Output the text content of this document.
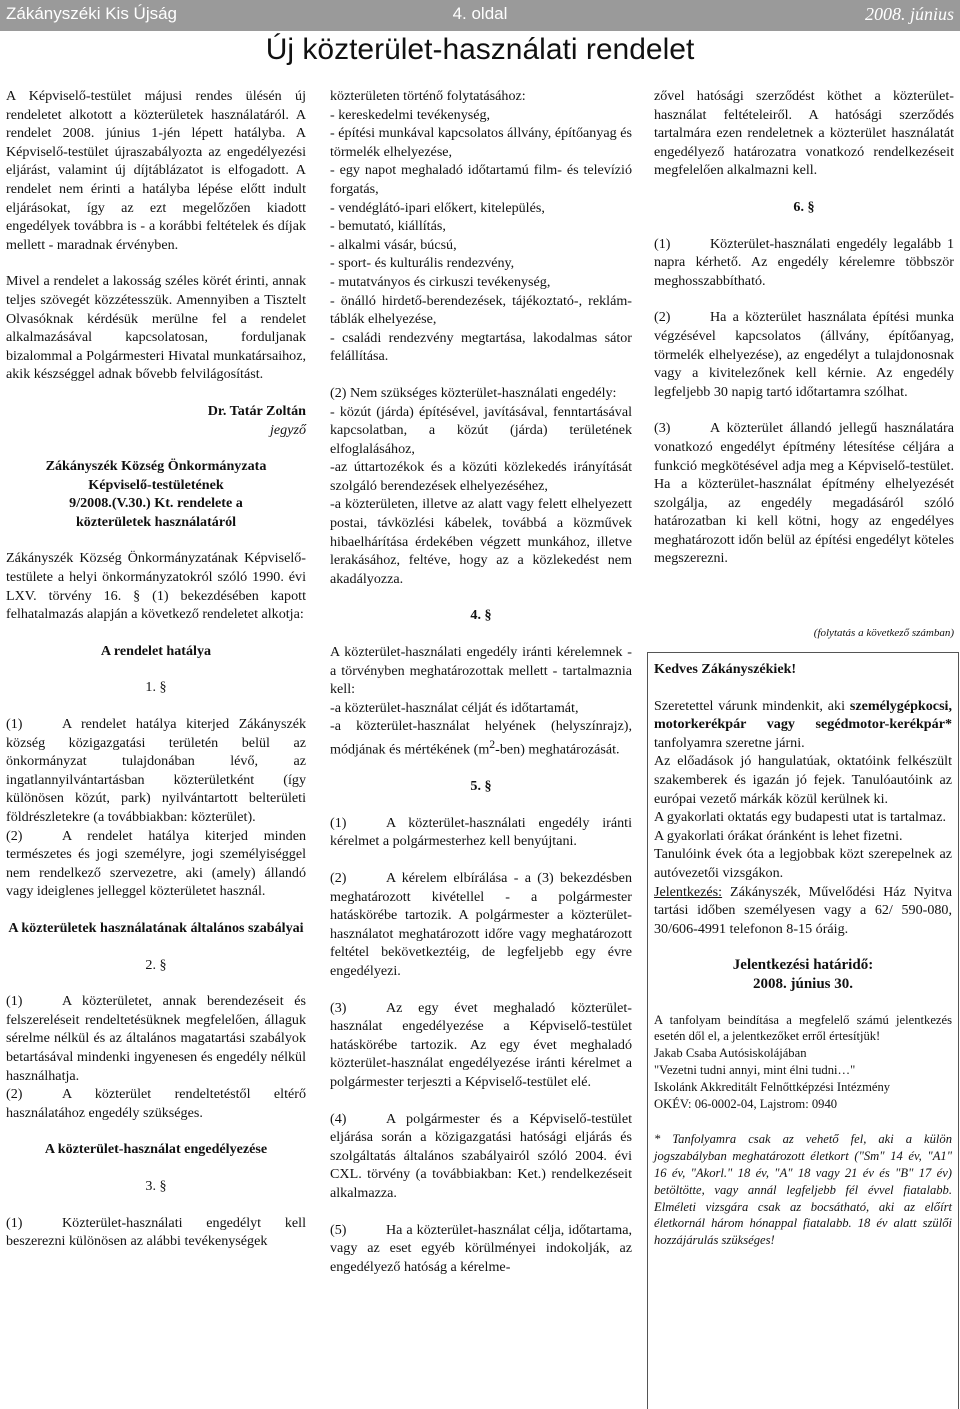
Zákányszéki Kis Újság	4. oldal	2008. június
Új közterület-használati rendelet

A Képviselő-testület májusi rendes ülésén új rendeletet alkotott a közterületek használatáról. A rendelet 2008. június 1-jén lépett hatályba. A Képviselő-testület újraszabályozta az engedélyezési eljárást, valamint új díjtáblázatot is elfogadott. A rendelet nem érinti a hatályba lépése előtt indult eljárásokat, így az ezt megelőzően kiadott engedélyek továbbra is - a korábbi feltételek és díjak mellett - maradnak érvényben.

Mivel a rendelet a lakosság széles körét érinti, annak teljes szövegét közzétesszük. Amennyiben a Tisztelt Olvasóknak kérdésük merülne fel a rendelet alkalmazásával kapcsolatosan, forduljanak bizalommal a Polgármesteri Hivatal munkatársaihoz, akik készséggel adnak bővebb felvilágosítást.

Dr. Tatár Zoltán

jegyző

Zákányszék Község Önkormányzata

Képviselő-testületének

9/2008.(V.30.) Kt. rendelete a

közterületek használatáról

Zákányszék Község Önkormányzatának Képviselő-testülete a helyi önkormányzatokról szóló 1990. évi LXV. törvény 16. § (1) bekezdésében kapott felhatalmazás alapján a következő rendeletet alkotja:

A rendelet hatálya

1. §

(1)	A rendelet hatálya kiterjed Zákányszék község közigazgatási területén belül az önkormányzat tulajdonában lévő, az ingatlannyilvántartásban közterületként (így különösen közút, park) nyilvántartott belterületi földrészletekre (a továbbiakban: közterület).

(2)	A rendelet hatálya kiterjed minden természetes és jogi személyre, jogi személyiséggel nem rendelkező szervezetre, aki (amely) állandó vagy ideiglenes jelleggel közterületet használ.

A közterületek használatának általános szabályai

2. §

(1)	A közterületet, annak berendezéseit és felszereléseit rendeltetésüknek megfelelően, állaguk sérelme nélkül és az általános magatartási szabályok betartásával mindenki ingyenesen és engedély nélkül használhatja.

(2)	A közterület rendeltetéstől eltérő használatához engedély szükséges.

A közterület-használat engedélyezése

3. §

(1)	Közterület-használati engedélyt kell beszerezni különösen az alábbi tevékenységek

közterületen történő folytatásához:

- kereskedelmi tevékenység,

- építési munkával kapcsolatos állvány, építőanyag és törmelék elhelyezése,

- egy napot meghaladó időtartamú film- és televízió forgatás,

- vendéglátó-ipari előkert, kitelepülés,

- bemutató, kiállítás,

- alkalmi vásár, búcsú,

- sport- és kulturális rendezvény,

- mutatványos és cirkuszi tevékenység,

- önálló hirdető-berendezések, tájékoztató-, reklám-táblák elhelyezése,

- családi rendezvény megtartása, lakodalmas sátor felállítása.

(2) Nem szükséges közterület-használati engedély:

- közút (járda) építésével, javításával, fenntartásával kapcsolatban, a közút (járda) területének elfoglalásához,

-az úttartozékok és a közúti közlekedés irányítását szolgáló berendezések elhelyezéséhez,

-a közterületen, illetve az alatt vagy felett elhelyezett postai, távközlési kábelek, továbbá a közművek hibaelhárítása érdekében végzett munkához, illetve lerakásához, feltéve, hogy az a közlekedést nem akadályozza.

4. §

A közterület-használati engedély iránti kérelemnek - a törvényben meghatározottak mellett - tartalmaznia kell:

-a közterület-használat célját és időtartamát,

-a közterület-használat helyének (helyszínrajz), módjának és mértékének $(m^2-ben)$ meghatározását.

5. §

(1)	A közterület-használati engedély iránti kérelmet a polgármesterhez kell benyújtani.

(2)	A kérelem elbírálása - a (3) bekezdésben meghatározott kivétellel - a polgármester hatáskörébe tartozik. A polgármester a közterület-használatot meghatározott időre vagy meghatározott feltétel bekövetkeztéig, de legfeljebb egy évre engedélyezi.

(3)	Az egy évet meghaladó közterület-használat engedélyezése a Képviselő-testület hatáskörébe tartozik. Az egy évet meghaladó közterület-használat engedélyezése iránti kérelmet a polgármester terjeszti a Képviselő-testület elé.

(4)	A polgármester és a Képviselő-testület eljárása során a közigazgatási hatósági eljárás és szolgáltatás általános szabályairól szóló 2004. évi CXL. törvény (a továbbiakban: Ket.) rendelkezéseit alkalmazza.

(5)	Ha a közterület-használat célja, időtartama, vagy az eset egyéb körülményei indokolják, az engedélyező hatóság a kérelme-

zővel hatósági szerződést köthet a közterület-használat feltételeiről. A hatósági szerződés tartalmára ezen rendeletnek a közterület használatát engedélyező határozatra vonatkozó rendelkezéseit megfelelően alkalmazni kell.

6. §

(1)	Közterület-használati engedély legalább 1 napra kérhető. Az engedély kérelemre többször meghosszabbítható.

(2)	Ha a közterület használata építési munka végzésével kapcsolatos (állvány, építőanyag, törmelék elhelyezése), az engedélyt a tulajdonosnak vagy a kivitelezőnek kell kérnie. Az engedély legfeljebb 30 napig tartó időtartamra szólhat.

(3)	A közterület állandó jellegű használatára vonatkozó engedélyt építmény létesítése céljára a funkció megkötésével adja meg a Képviselő-testület. Ha a közterület-használat építmény elhelyezését szolgálja, az engedély megadásáról szóló határozatban ki kell kötni, hogy az engedélyes meghatározott időn belül az építési engedélyt köteles megszerezni.

(folytatás a következő számban)

Kedves Zákányszékiek!

Szeretettel várunk mindenkit, aki személygépkocsi, motorkerékpár vagy segédmotor-kerékpár* tanfolyamra szeretne járni.

Az előadások jó hangulatúak, oktatóink felkészült szakemberek és igazán jó fejek. Tanulóautóink az európai vezető márkák közül kerülnek ki.

A gyakorlati oktatás egy budapesti utat is tartalmaz.

A gyakorlati órákat óránként is lehet fizetni.

Tanulóink évek óta a legjobbak közt szerepelnek az autóvezetői vizsgákon.

Jelentkezés: Zákányszék, Művelődési Ház Nyitva tartási időben személyesen vagy a 62/ 590-080, 30/606-4991 telefonon 8-15 óráig.

Jelentkezési határidő:

2008. június 30.

A tanfolyam beindítása a megfelelő számú jelentkezés esetén dől el, a jelentkezőket erről értesítjük!

Jakab Csaba Autósiskolájában

"Vezetni tudni annyi, mint élni tudni…"

Iskolánk Akkreditált Felnőttképzési Intézmény

OKÉV: 06-0002-04, Lajstrom: 0940

* Tanfolyamra csak az vehető fel, aki a külön jogszabályban meghatározott életkort ("Sm" 14 év, "A1" 16 év, "Akorl." 18 év, "A" 18 vagy 21 év és "B" 17 év) betöltötte, vagy annál legfeljebb fél évvel fiatalabb. Elméleti vizsgára csak az bocsátható, aki az előírt életkornál három hónappal fiatalabb. 18 év alatt szülői hozzájárulás szükséges!
